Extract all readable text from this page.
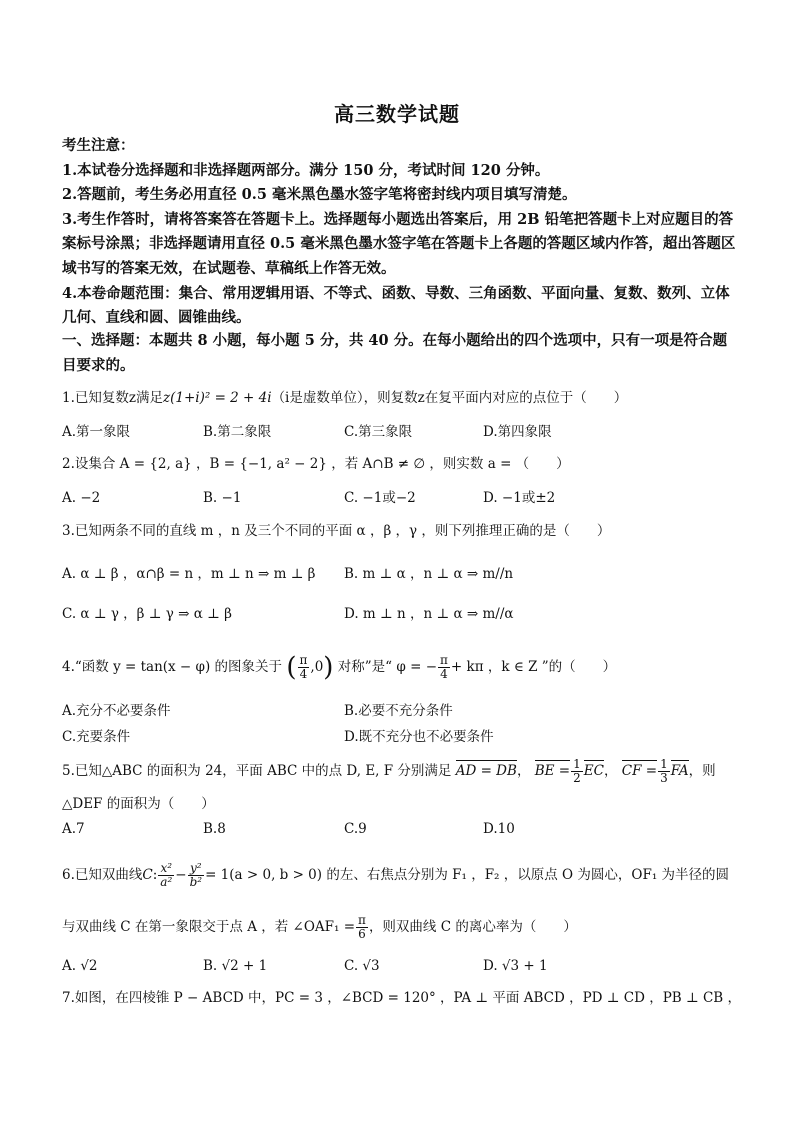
高三数学试题

考生注意：

1.本试卷分选择题和非选择题两部分。满分 150 分，考试时间 120 分钟。

2.答题前，考生务必用直径 0.5 毫米黑色墨水签字笔将密封线内项目填写清楚。

3.考生作答时，请将答案答在答题卡上。选择题每小题选出答案后，用 2B 铅笔把答题卡上对应题目的答案标号涂黑；非选择题请用直径 0.5 毫米黑色墨水签字笔在答题卡上各题的答题区域内作答，超出答题区域书写的答案无效，在试题卷、草稿纸上作答无效。

4.本卷命题范围：集合、常用逻辑用语、不等式、函数、导数、三角函数、平面向量、复数、数列、立体几何、直线和圆、圆锥曲线。

一、选择题：本题共 8 小题，每小题 5 分，共 40 分。在每小题给出的四个选项中，只有一项是符合题目要求的。
1.已知复数z满足z(1+i)² = 2 + 4i（i是虚数单位），则复数z在复平面内对应的点位于（　　）
A.第一象限	B.第二象限	C.第三象限	D.第四象限
2.设集合 A = {2, a} ，B = {−1, a² − 2} ，若 A∩B ≠ ∅ ，则实数 a = （　　）
A. −2	B. −1	C. −1或−2	D. −1或±2
3.已知两条不同的直线 m ，n 及三个不同的平面 α ，β ，γ ，则下列推理正确的是（　　）
A. α ⊥ β ，α∩β = n ，m ⊥ n ⇒ m ⊥ β B. m ⊥ α ，n ⊥ α ⇒ m//n
C. α ⊥ γ ，β ⊥ γ ⇒ α ⊥ β	D. m ⊥ n ，n ⊥ α ⇒ m//α
4.“函数 y = tan(x − φ) 的图象关于 ( $\frac{\pi}{4} ,0$) 对称”是“ φ = − $\frac{\pi}{4} + k\pi$ ，k ∈ Z ”的（　　）
A.充分不必要条件	B.必要不充分条件
C.充要条件	D.既不充分也不必要条件
5.已知△ABC 的面积为 24，平面 ABC 中的点 D, E, F 分别满足 AD = DB， BE = $\frac{1}{2}$ EC， CF = $\frac{1}{3}$ FA，则
△DEF 的面积为（　　）
A.7	B.8	C.9	D.10
6.已知双曲线C: $\frac{\text{x²}}{\text{a²}} - \frac{\text{y²}}{\text{b²}} = 1(a > 0$, b > 0) 的左、右焦点分别为 F₁ ，F₂ ，以原点 O 为圆心，OF₁ 为半径的圆
与双曲线 C 在第一象限交于点 A ，若 ∠OAF₁ = $\frac{\pi}{6}$ ，则双曲线 C 的离心率为（　　）
A. √2	B. √2 + 1	C. √3	D. √3 + 1
7.如图，在四棱锥 P − ABCD 中，PC = 3 ，∠BCD = 120° ，PA ⊥ 平面 ABCD ，PD ⊥ CD ，PB ⊥ CB ，
